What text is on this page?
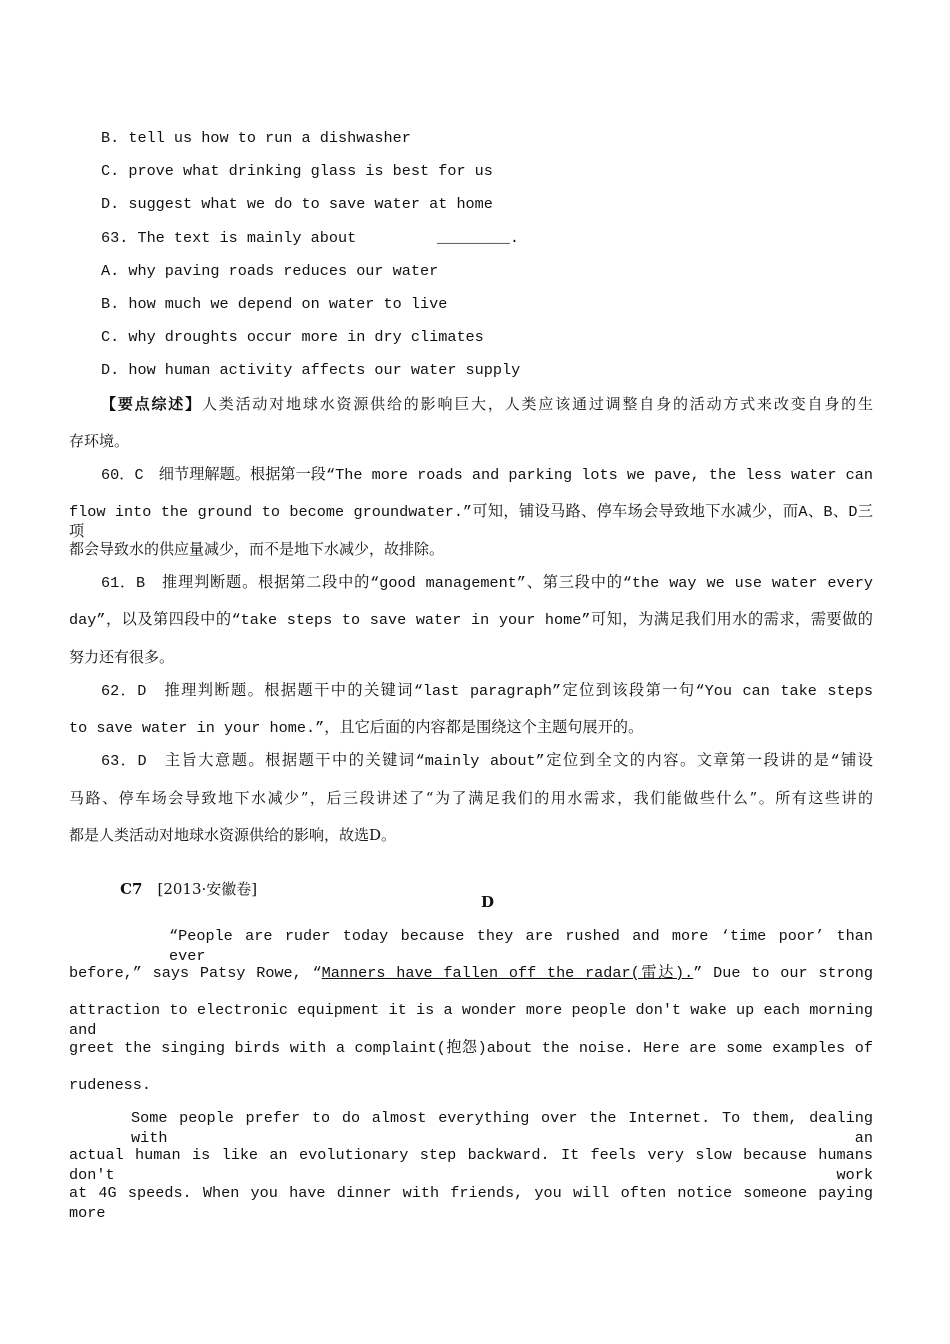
B. tell us how to run a dishwasher
C. prove what drinking glass is best for us
D. suggest what we do to save water at home
63. The text is mainly about	________.
A. why paving roads reduces our water
B. how much we depend on water to live
C. why droughts occur more in dry climates
D. how human activity affects our water supply
【要点综述】人类活动对地球水资源供给的影响巨大，人类应该通过调整自身的活动方式来改变自身的生
存环境。
60．C　细节理解题。根据第一段“The more roads and parking lots we pave, the less water can
flow into the ground to become groundwater.”可知，铺设马路、停车场会导致地下水减少，而A、B、D三项
都会导致水的供应量减少，而不是地下水减少，故排除。
61．B　推理判断题。根据第二段中的“good management”、第三段中的“the way we use water every
day”，以及第四段中的“take steps to save water in your home”可知，为满足我们用水的需求，需要做的
努力还有很多。
62．D　推理判断题。根据题干中的关键词“last paragraph”定位到该段第一句“You can take steps
to save water in your home.”，且它后面的内容都是围绕这个主题句展开的。
63．D　主旨大意题。根据题干中的关键词“mainly about”定位到全文的内容。文章第一段讲的是“铺设
马路、停车场会导致地下水减少”，后三段讲述了“为了满足我们的用水需求，我们能做些什么”。所有这些讲的
都是人类活动对地球水资源供给的影响，故选D。

C7　 [2013·安徽卷]

D
“People are ruder today because they are rushed and more ‘time poor’ than ever
before,” says Patsy Rowe, “Manners have fallen off the radar(雷达).” Due to our strong
attraction to electronic equipment it is a wonder more people don't wake up each morning and
greet the singing birds with a complaint(抱怨)about the noise. Here are some examples of
rudeness.
Some people prefer to do almost everything over the Internet. To them, dealing with an
actual human is like an evolutionary step backward. It feels very slow because humans don't work
at 4G speeds. When you have dinner with friends, you will often notice someone paying more
